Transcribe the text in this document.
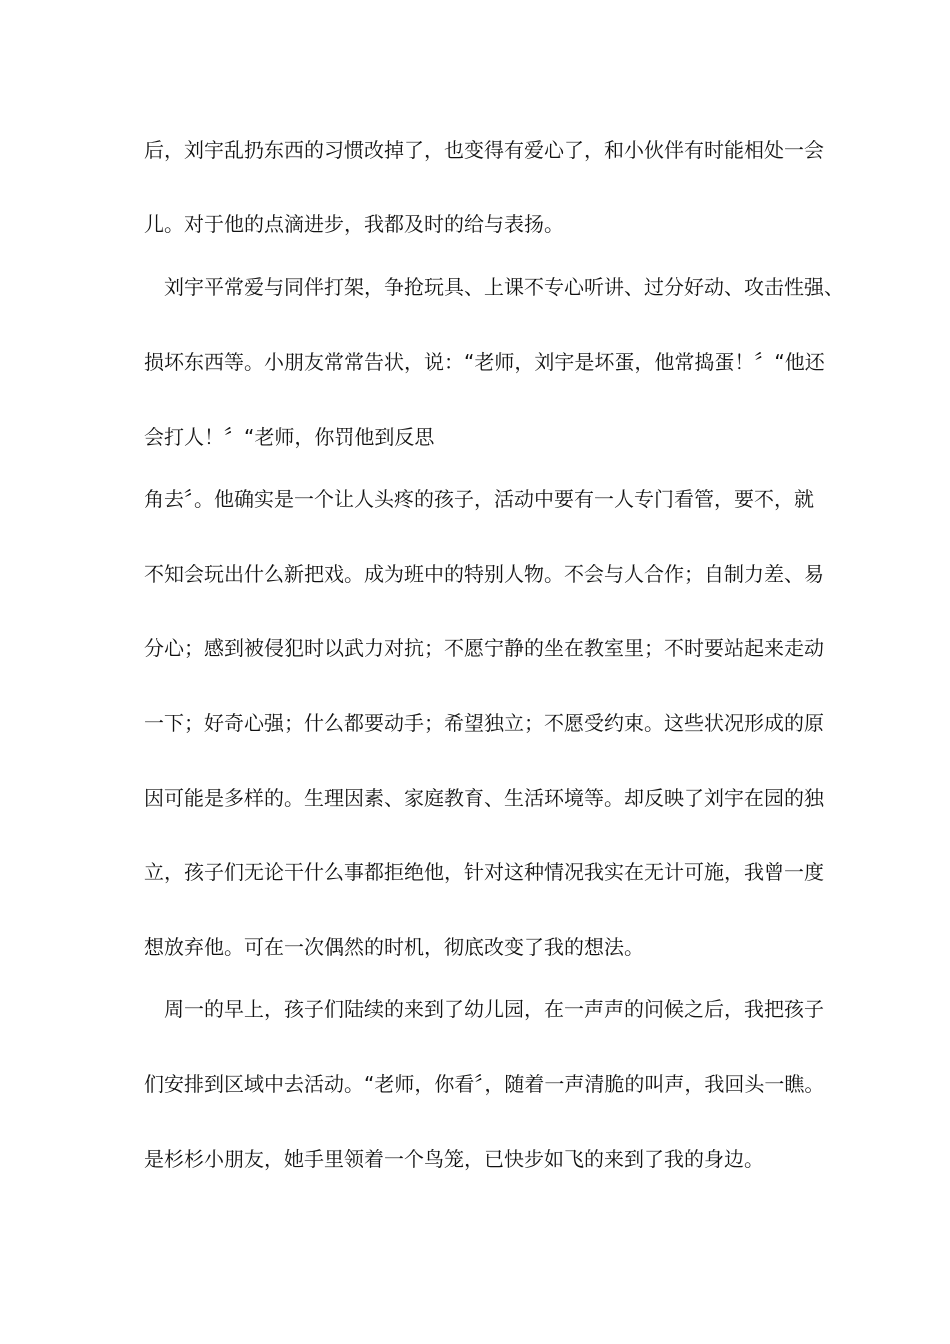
后，刘宇乱扔东西的习惯改掉了，也变得有爱心了，和小伙伴有时能相处一会
儿。对于他的点滴进步，我都及时的给与表扬。
　刘宇平常爱与同伴打架，争抢玩具、上课不专心听讲、过分好动、攻击性强、
损坏东西等。小朋友常常告状，说：“老师，刘宇是坏蛋，他常捣蛋！〞“他还
会打人！〞“老师，你罚他到反思
角去〞。他确实是一个让人头疼的孩子，活动中要有一人专门看管，要不，就
不知会玩出什么新把戏。成为班中的特别人物。不会与人合作；自制力差、易
分心；感到被侵犯时以武力对抗；不愿宁静的坐在教室里；不时要站起来走动
一下；好奇心强；什么都要动手；希望独立；不愿受约束。这些状况形成的原
因可能是多样的。生理因素、家庭教育、生活环境等。却反映了刘宇在园的独
立，孩子们无论干什么事都拒绝他，针对这种情况我实在无计可施，我曾一度
想放弃他。可在一次偶然的时机，彻底改变了我的想法。
　周一的早上，孩子们陆续的来到了幼儿园，在一声声的问候之后，我把孩子
们安排到区域中去活动。“老师，你看〞，随着一声清脆的叫声，我回头一瞧。
是杉杉小朋友，她手里领着一个鸟笼，已快步如飞的来到了我的身边。
